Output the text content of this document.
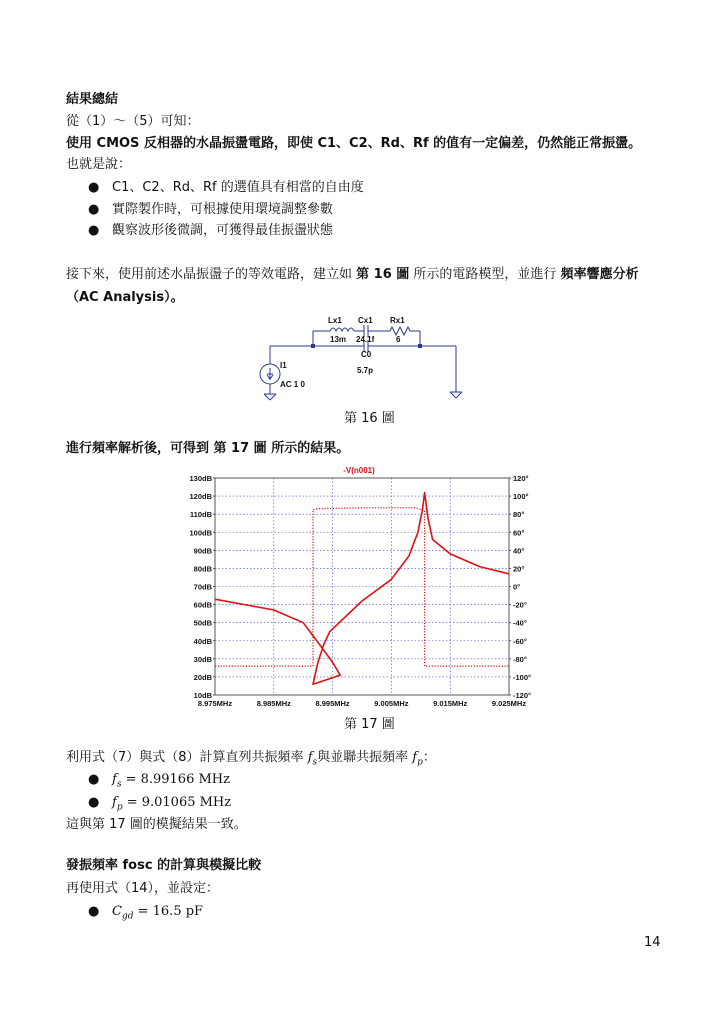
結果總結
從（1）～（5）可知：
使用 CMOS 反相器的水晶振盪電路，即使 C1、C2、Rd、Rf 的值有一定偏差，仍然能正常振盪。
也就是說：
● C1、C2、Rd、Rf 的選值具有相當的自由度
● 實際製作時，可根據使用環境調整參數
● 觀察波形後微調，可獲得最佳振盪狀態
接下來，使用前述水晶振盪子的等效電路，建立如 第 16 圖 所示的電路模型，並進行 頻率響應分析
（AC Analysis）。
Lx1
13m
Cx1
24.1f
Rx1
6
C0
5.7p
I1
AC 1 0
第 16 圖
進行頻率解析後，可得到 第 17 圖 所示的結果。
-V(n001)
130dB
120dB
110dB
100dB
90dB
80dB
70dB
60dB
50dB
40dB
30dB
20dB
10dB
120°
100°
80°
60°
40°
20°
0°
-20°
-40°
-60°
-80°
-100°
-120°
8.975MHz	8.985MHz	8.995MHz	9.005MHz	9.015MHz	9.025MHz
第 17 圖
利用式（7）與式（8）計算直列共振頻率 $f_s$與並聯共振頻率 $f_p$：
● $f_s = 8.99166$ MHz
● $f_p = 9.01065$ MHz
這與第 17 圖的模擬結果一致。
發振頻率 fosc 的計算與模擬比較
再使用式（14），並設定：
● $C_{gd} = 16.5$ pF
14
